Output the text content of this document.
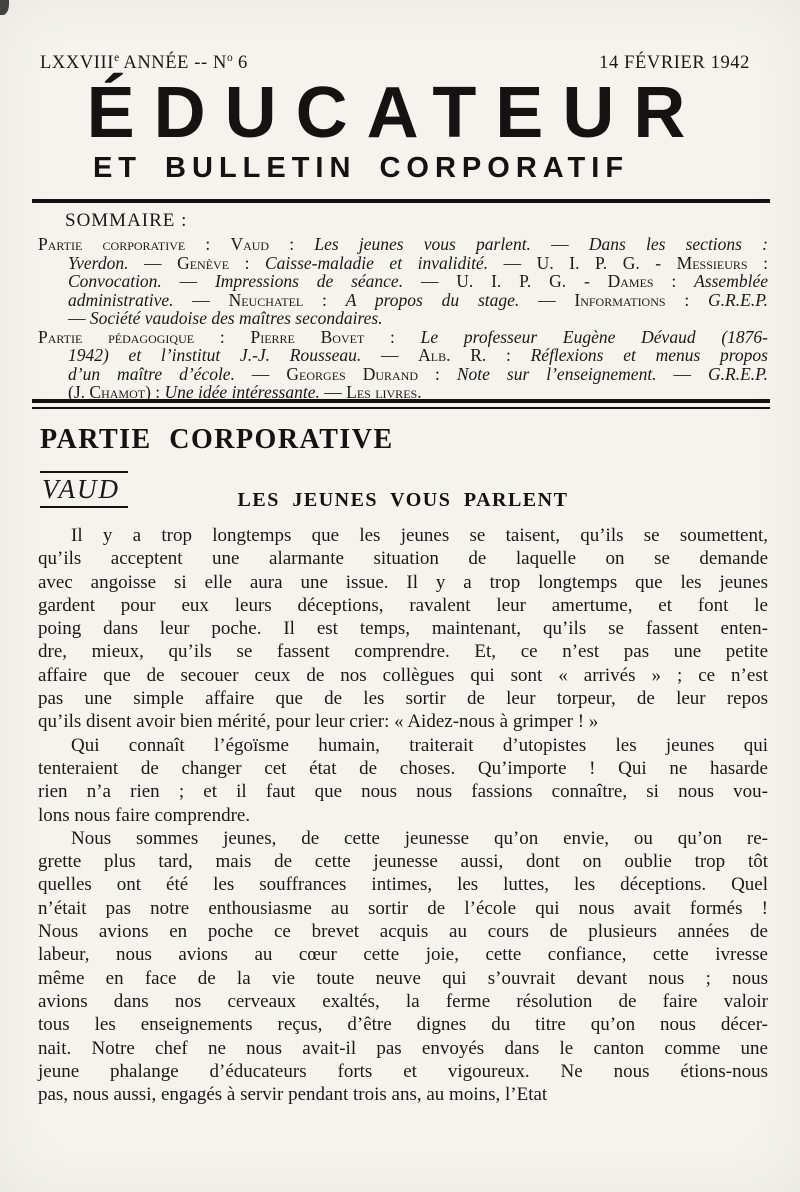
LXXVIIIe ANNÉE -- $N^o$ 6	14 FÉVRIER 1942
ÉDUCATEUR
ET BULLETIN CORPORATIF
SOMMAIRE :
Partie corporative : Vaud : Les jeunes vous parlent. — Dans les sections :
Yverdon. — Genève : Caisse-maladie et invalidité. — U. I. P. G. - Messieurs :
Convocation. — Impressions de séance. — U. I. P. G. - Dames : Assemblée
administrative. — Neuchatel : A propos du stage. — Informations : G.R.E.P.
— Société vaudoise des maîtres secondaires.
Partie pédagogique : Pierre Bovet : Le professeur Eugène Dévaud (1876-
1942) et l’institut J.-J. Rousseau. — Alb. R. : Réflexions et menus propos
d’un maître d’école. — Georges Durand : Note sur l’enseignement. — G.R.E.P.
(J. Chamot) : Une idée intéressante. — Les livres.
PARTIE CORPORATIVE
VAUD	LES JEUNES VOUS PARLENT
Il y a trop longtemps que les jeunes se taisent, qu’ils se soumettent,
qu’ils acceptent une alarmante situation de laquelle on se demande
avec angoisse si elle aura une issue. Il y a trop longtemps que les jeunes
gardent pour eux leurs déceptions, ravalent leur amertume, et font le
poing dans leur poche. Il est temps, maintenant, qu’ils se fassent enten-
dre, mieux, qu’ils se fassent comprendre. Et, ce n’est pas une petite
affaire que de secouer ceux de nos collègues qui sont « arrivés » ; ce n’est
pas une simple affaire que de les sortir de leur torpeur, de leur repos
qu’ils disent avoir bien mérité, pour leur crier: « Aidez-nous à grimper ! »
Qui connaît l’égoïsme humain, traiterait d’utopistes les jeunes qui
tenteraient de changer cet état de choses. Qu’importe ! Qui ne hasarde
rien n’a rien ; et il faut que nous nous fassions connaître, si nous vou-
lons nous faire comprendre.
Nous sommes jeunes, de cette jeunesse qu’on envie, ou qu’on re-
grette plus tard, mais de cette jeunesse aussi, dont on oublie trop tôt
quelles ont été les souffrances intimes, les luttes, les déceptions. Quel
n’était pas notre enthousiasme au sortir de l’école qui nous avait formés !
Nous avions en poche ce brevet acquis au cours de plusieurs années de
labeur, nous avions au cœur cette joie, cette confiance, cette ivresse
même en face de la vie toute neuve qui s’ouvrait devant nous ; nous
avions dans nos cerveaux exaltés, la ferme résolution de faire valoir
tous les enseignements reçus, d’être dignes du titre qu’on nous décer-
nait. Notre chef ne nous avait-il pas envoyés dans le canton comme une
jeune phalange d’éducateurs forts et vigoureux. Ne nous étions-nous
pas, nous aussi, engagés à servir pendant trois ans, au moins, l’Etat
